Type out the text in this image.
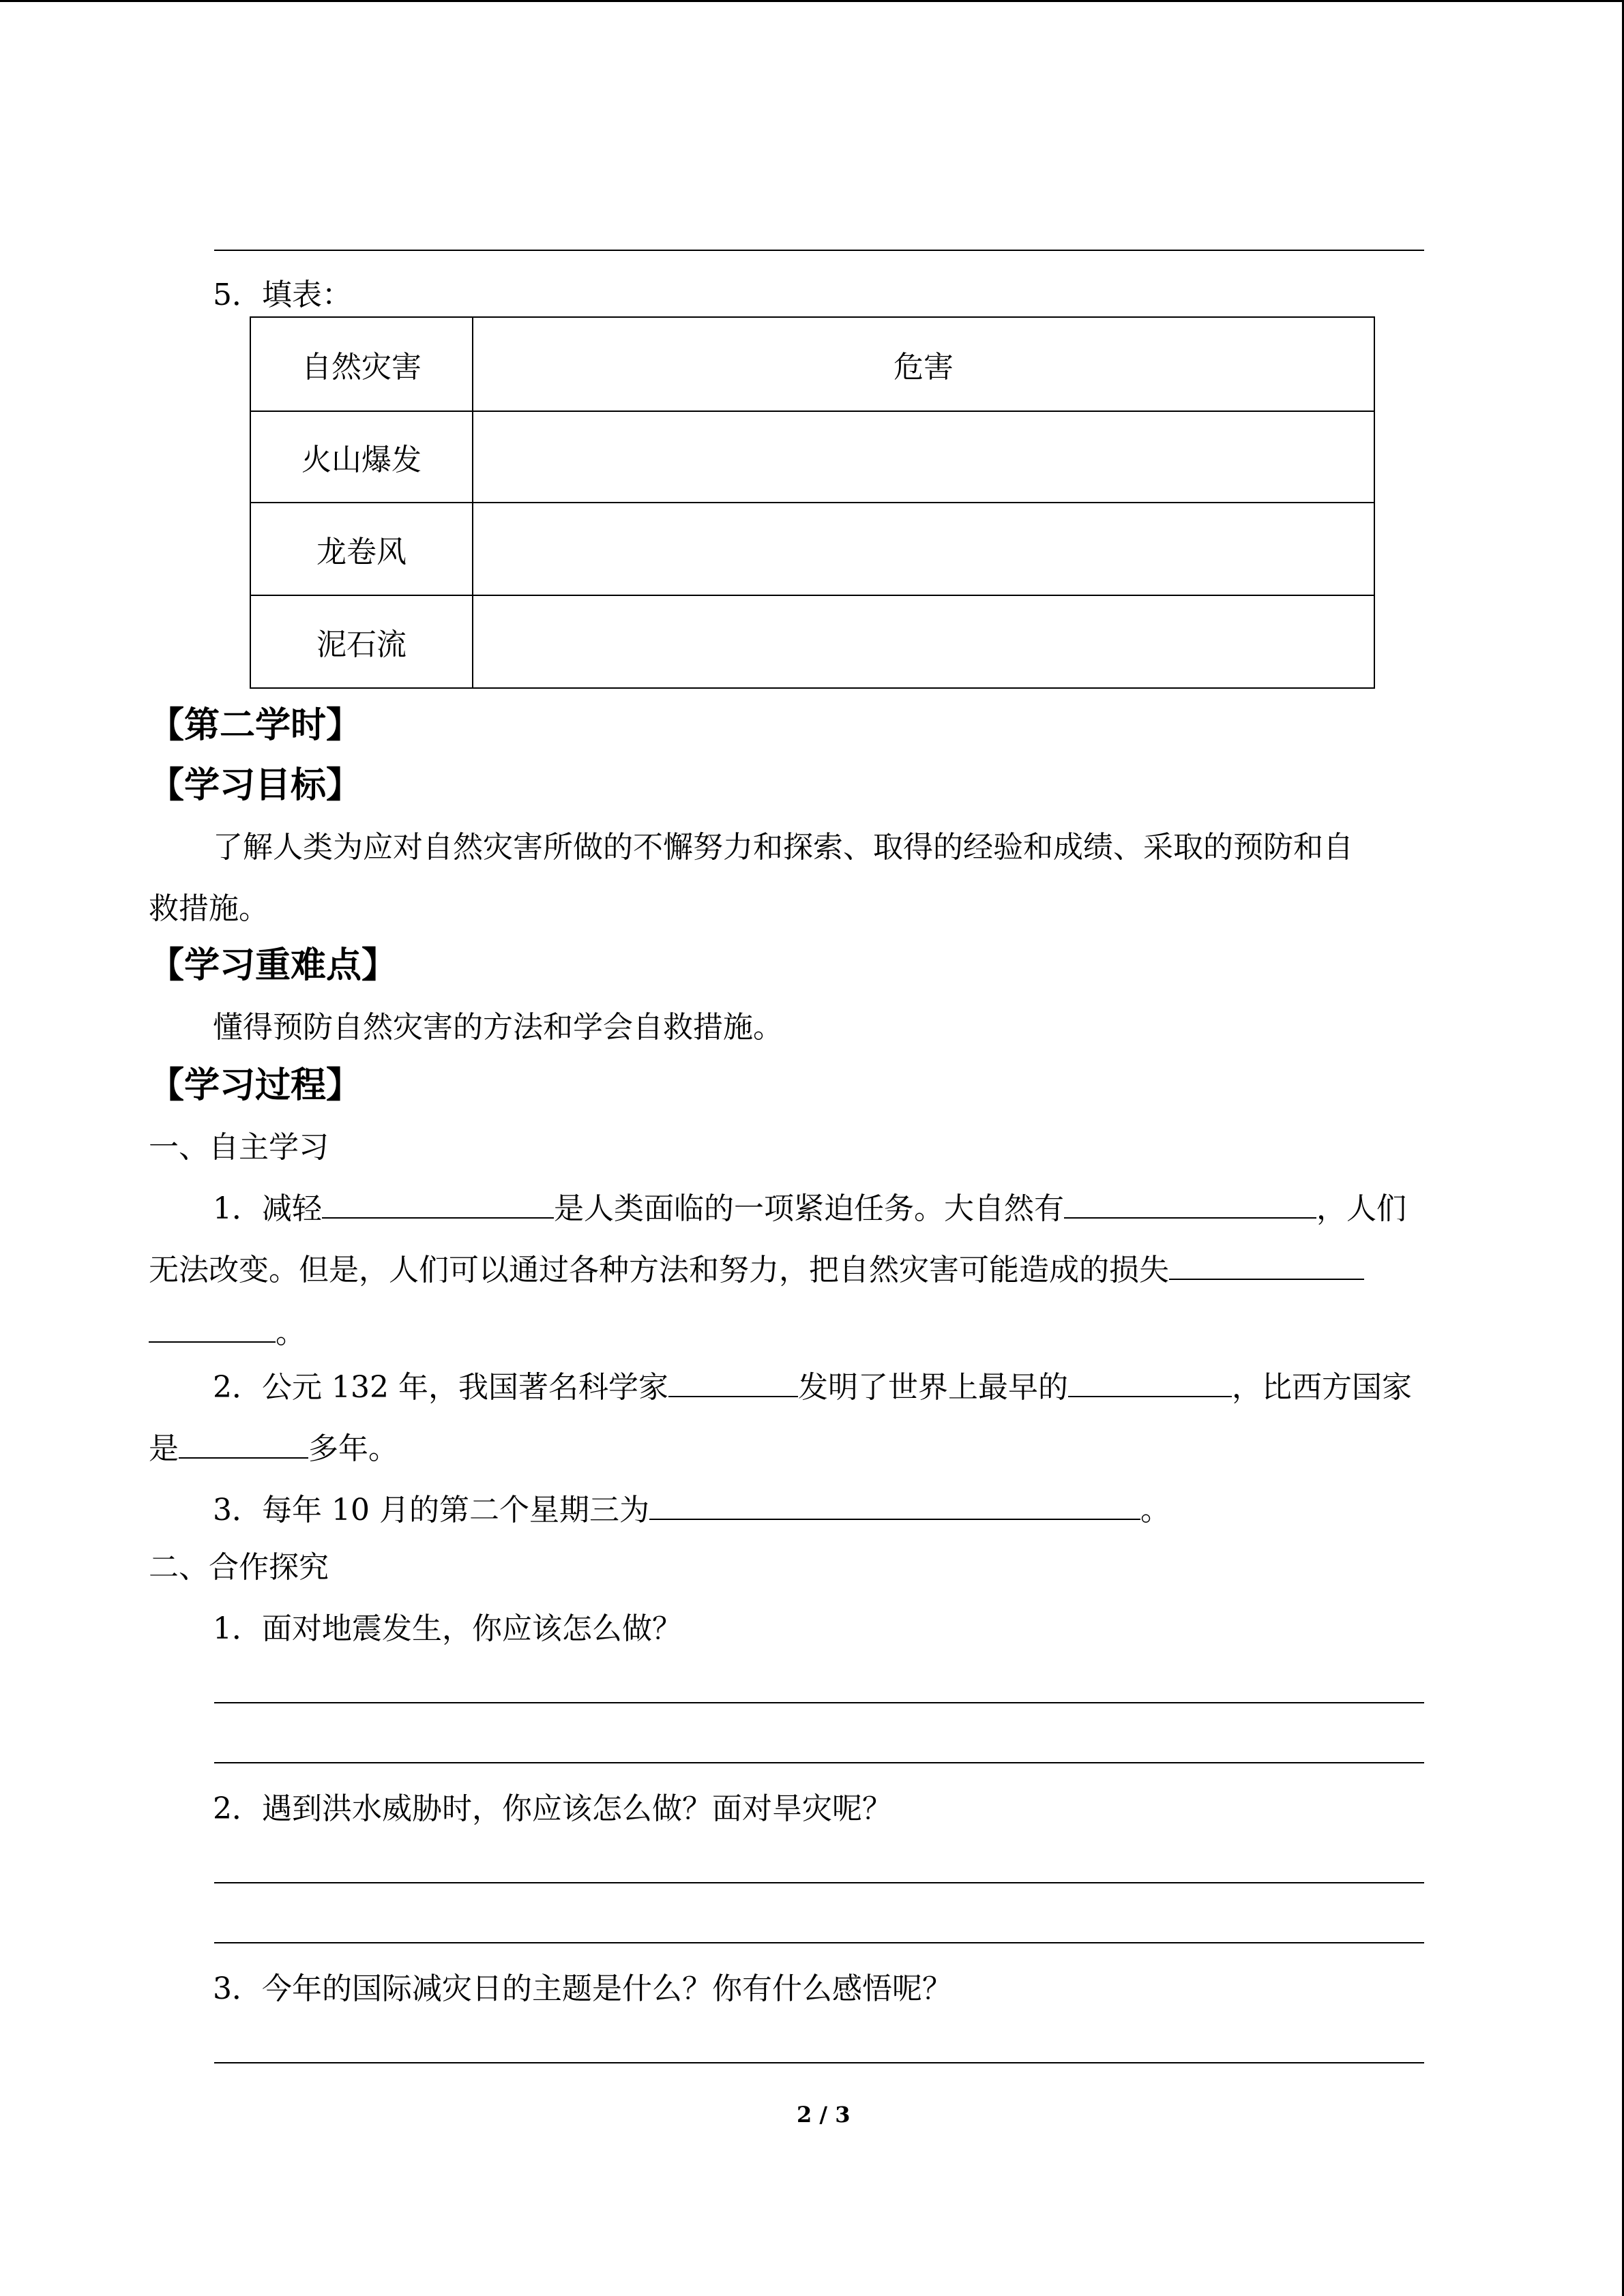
5．填表：
自然灾害	危害
火山爆发	
龙卷风	
泥石流	
【第二学时】
【学习目标】
了解人类为应对自然灾害所做的不懈努力和探索、取得的经验和成绩、采取的预防和自
救措施。
【学习重难点】
懂得预防自然灾害的方法和学会自救措施。
【学习过程】
一、自主学习
1．减轻	是人类面临的一项紧迫任务。大自然有	，人们
无法改变。但是，人们可以通过各种方法和努力，把自然灾害可能造成的损失
。
2．公元 132 年，我国著名科学家	发明了世界上最早的	，比西方国家
是	多年。
3．每年 10 月的第二个星期三为	。
二、合作探究
1．面对地震发生，你应该怎么做？
2．遇到洪水威胁时，你应该怎么做？面对旱灾呢？
3．今年的国际减灾日的主题是什么？你有什么感悟呢？
2 / 3
